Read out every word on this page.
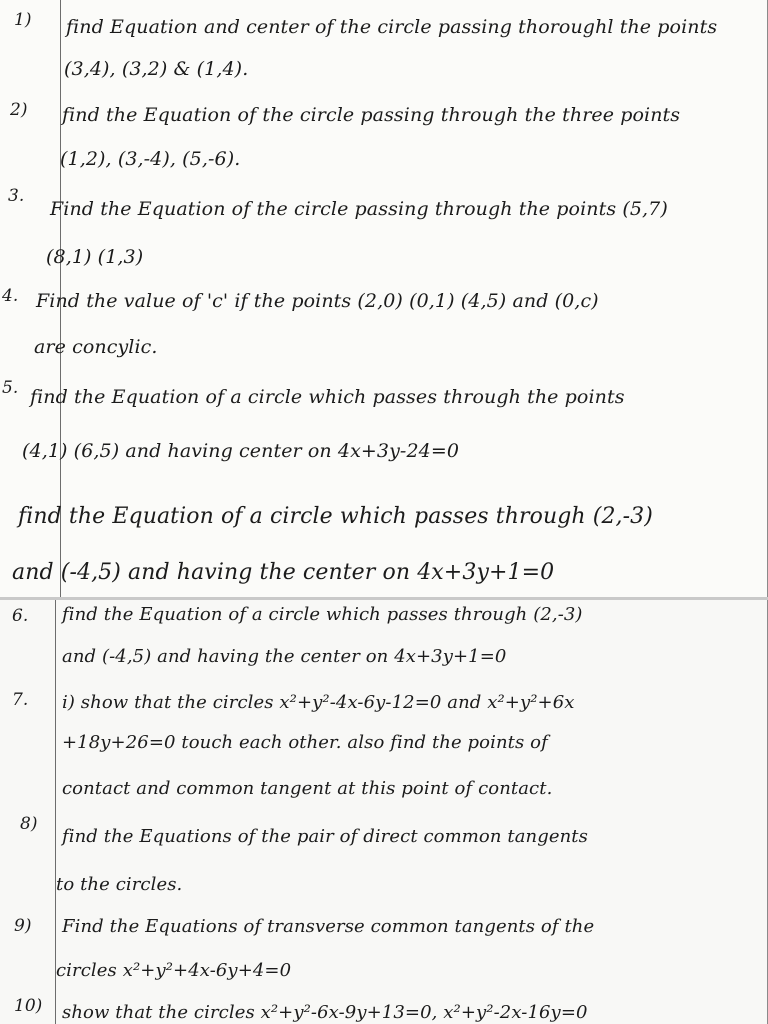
1) find Equation and center of the circle passing thoroughl the points
(3,4), (3,2) & (1,4).
2) find the Equation of the circle passing through the three points
(1,2), (3,-4), (5,-6).
3.
Find the Equation of the circle passing through the points (5,7)
(8,1) (1,3)
4. Find the value of 'c' if the points (2,0) (0,1) (4,5) and (0,c)
are concylic.
5. find the Equation of a circle which passes through the points
(4,1) (6,5) and having center on 4x+3y-24=0
find the Equation of a circle which passes through (2,-3)
and (-4,5) and having the center on 4x+3y+1=0
6. find the Equation of a circle which passes through (2,-3)
and (-4,5) and having the center on 4x+3y+1=0
7. i) show that the circles x²+y²-4x-6y-12=0 and x²+y²+6x
+18y+26=0 touch each other. also find the points of
contact and common tangent at this point of contact.
8)
find the Equations of the pair of direct common tangents
to the circles.
9) Find the Equations of transverse common tangents of the
circles x²+y²+4x-6y+4=0
10) show that the circles x²+y²-6x-9y+13=0, x²+y²-2x-16y=0
